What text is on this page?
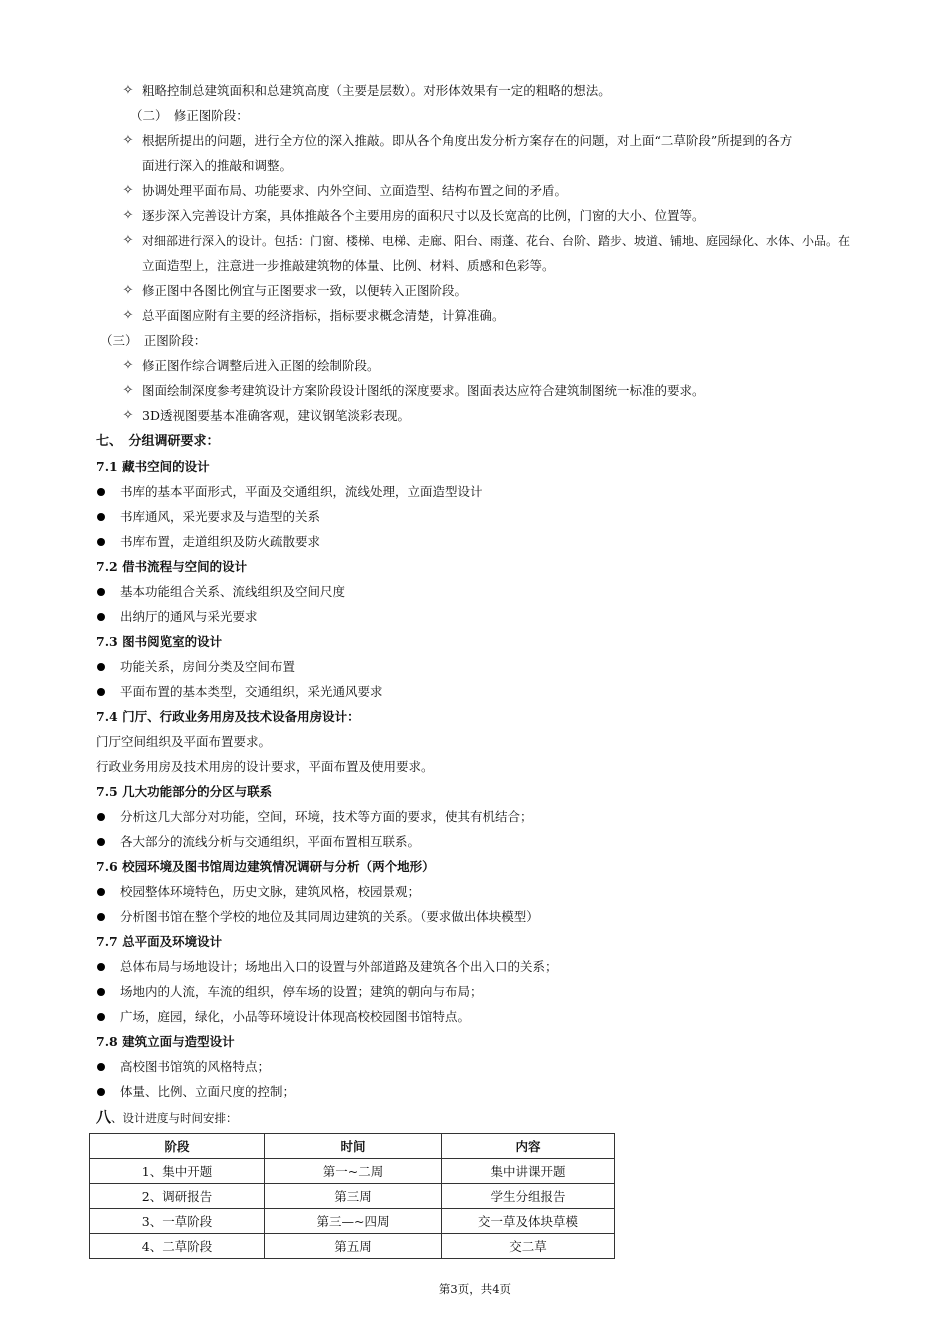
✧ 粗略控制总建筑面积和总建筑高度（主要是层数）。对形体效果有一定的粗略的想法。
（二）　修正图阶段：
✧ 根据所提出的问题，进行全方位的深入推敲。即从各个角度出发分析方案存在的问题，对上面“二草阶段”所提到的各方
面进行深入的推敲和调整。
✧ 协调处理平面布局、功能要求、内外空间、立面造型、结构布置之间的矛盾。
✧ 逐步深入完善设计方案，具体推敲各个主要用房的面积尺寸以及长宽高的比例，门窗的大小、位置等。
✧ 对细部进行深入的设计。包括：门窗、楼梯、电梯、走廊、阳台、雨蓬、花台、台阶、踏步、坡道、铺地、庭园绿化、水体、小品。在
立面造型上，注意进一步推敲建筑物的体量、比例、材料、质感和色彩等。
✧ 修正图中各图比例宜与正图要求一致，以便转入正图阶段。
✧ 总平面图应附有主要的经济指标，指标要求概念清楚，计算准确。
（三）　正图阶段：
✧ 修正图作综合调整后进入正图的绘制阶段。
✧ 图面绘制深度参考建筑设计方案阶段设计图纸的深度要求。图面表达应符合建筑制图统一标准的要求。
✧ 3D透视图要基本准确客观，建议钢笔淡彩表现。
七、　分组调研要求：
7.1 藏书空间的设计
书库的基本平面形式，平面及交通组织，流线处理，立面造型设计
书库通风，采光要求及与造型的关系
书库布置，走道组织及防火疏散要求
7.2 借书流程与空间的设计
基本功能组合关系、流线组织及空间尺度
出纳厅的通风与采光要求
7.3 图书阅览室的设计
功能关系，房间分类及空间布置
平面布置的基本类型，交通组织，采光通风要求
7.4 门厅、行政业务用房及技术设备用房设计：
门厅空间组织及平面布置要求。
行政业务用房及技术用房的设计要求，平面布置及使用要求。
7.5 几大功能部分的分区与联系
分析这几大部分对功能，空间，环境，技术等方面的要求，使其有机结合；
各大部分的流线分析与交通组织，平面布置相互联系。
7.6 校园环境及图书馆周边建筑情况调研与分析（两个地形）
校园整体环境特色，历史文脉，建筑风格，校园景观；
分析图书馆在整个学校的地位及其同周边建筑的关系。（要求做出体块模型）
7.7 总平面及环境设计
总体布局与场地设计；场地出入口的设置与外部道路及建筑各个出入口的关系；
场地内的人流，车流的组织，停车场的设置；建筑的朝向与布局；
广场，庭园，绿化，小品等环境设计体现高校校园图书馆特点。
7.8 建筑立面与造型设计
高校图书馆筑的风格特点；
体量、比例、立面尺度的控制；
八、设计进度与时间安排：
阶段	时间	内容
1、集中开题	第一~二周	集中讲课开题
2、调研报告	第三周	学生分组报告
3、一草阶段	第三—~四周	交一草及体块草模
4、二草阶段	第五周	交二草
第3页，共4页
